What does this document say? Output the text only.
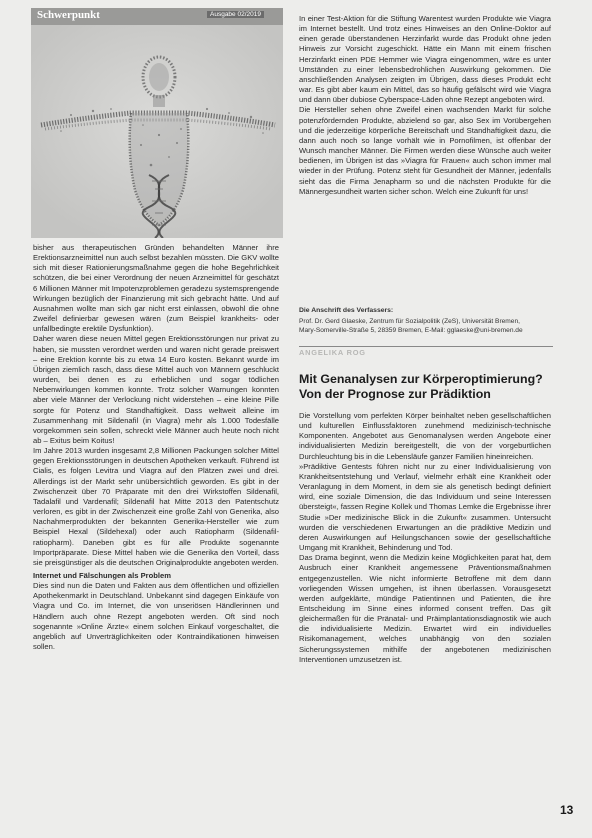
Schwerpunkt	Ausgabe 02/2019

bisher aus therapeutischen Gründen behandelten Männer ihre Erektionsarzneimittel nun auch selbst bezahlen müssten. Die GKV wollte sich mit dieser Rationierungsmaßnahme gegen die hohe Begehrlichkeit schützen, die bei einer Verordnung der neuen Arzneimittel für geschätzt 6 Millionen Männer mit Impotenzproblemen geradezu systemsprengende Wirkungen bezüglich der Finanzierung mit sich gebracht hätte. Und auf Ausnahmen wollte man sich gar nicht erst einlassen, obwohl die ohne Zweifel definierbar gewesen wären (zum Beispiel krankheits- oder unfallbedingte erektile Dysfunktion).

Daher waren diese neuen Mittel gegen Erektionsstörungen nur privat zu haben, sie mussten verordnet werden und waren nicht gerade preiswert – eine Erektion konnte bis zu etwa 14 Euro kosten. Bekannt wurde im Übrigen ziemlich rasch, dass diese Mittel auch von Männern geschluckt wurden, bei denen es zu erheblichen und sogar tödlichen Nebenwirkungen kommen konnte. Trotz solcher Warnungen konnten aber viele Männer der Verlockung nicht widerstehen – eine kleine Pille sorgte für Potenz und Standhaftigkeit. Dass weltweit alleine im Zusammenhang mit Sildenafil (in Viagra) mehr als 1.000 Todesfälle vorgekommen sein sollen, schreckt viele Männer auch heute noch nicht ab – Exitus beim Koitus!

Im Jahre 2013 wurden insgesamt 2,8 Millionen Packungen solcher Mittel gegen Erektionsstörungen in deutschen Apotheken verkauft. Führend ist Cialis, es folgen Levitra und Viagra auf den Plätzen zwei und drei. Allerdings ist der Markt sehr unübersichtlich geworden. Es gibt in der Zwischenzeit über 70 Präparate mit den drei Wirkstoffen Sildenafil, Tadalafil und Vardenafil; Sildenafil hat Mitte 2013 den Patentschutz verloren, es gibt in der Zwischenzeit eine große Zahl von Generika, also Nachahmerprodukten der bekannten Generika-Hersteller wie zum Beispiel Hexal (Sildehexal) oder auch Ratiopharm (Sildenafil-ratiopharm). Daneben gibt es für alle Produkte sogenannte Importpräparate. Diese Mittel haben wie die Generika den Vorteil, dass sie preisgünstiger als die deutschen Originalprodukte angeboten werden.

Internet und Fälschungen als Problem

Dies sind nun die Daten und Fakten aus dem öffentlichen und offiziellen Apothekenmarkt in Deutschland. Unbekannt sind dagegen Einkäufe von Viagra und Co. im Internet, die von unseriösen Händlerinnen und Händlern auch ohne Rezept angeboten werden. Oft sind noch sogenannte »Online Ärzte« einem solchen Einkauf vorgeschaltet, die angeblich auf Unverträglichkeiten oder Kontraindikationen hinweisen sollen.

In einer Test-Aktion für die Stiftung Warentest wurden Produkte wie Viagra im Internet bestellt. Und trotz eines Hinweises an den Online-Doktor auf einen gerade überstandenen Herzinfarkt wurde das Produkt ohne jeden Hinweis zur Vorsicht zugeschickt. Hätte ein Mann mit einem frischen Herzinfarkt einen PDE Hemmer wie Viagra eingenommen, wäre es unter Umständen zu einer lebensbedrohlichen Auswirkung gekommen. Die anschließenden Analysen zeigten im Übrigen, dass dieses Produkt echt war. Es gibt aber kaum ein Mittel, das so häufig gefälscht wird wie Viagra und dann über dubiose Cyberspace-Läden ohne Rezept angeboten wird.

Die Hersteller sehen ohne Zweifel einen wachsenden Markt für solche potenzfördernden Produkte, abzielend so gar, also Sex im Vorübergehen und die jederzeitige körperliche Bereitschaft und Standhaftigkeit dazu, die dann auch noch so lange vorhält wie in Pornofilmen, ist offenbar der Wunsch mancher Männer. Die Firmen werden diese Wünsche auch weiter bedienen, im Übrigen ist das »Viagra für Frauen« auch schon immer mal wieder in der Prüfung. Potenz steht für Gesundheit der Männer, jedenfalls sieht das die Firma Jenapharm so und die nächsten Produkte für die Männergesundheit warten sicher schon. Welch eine Zukunft für uns!

Die Anschrift des Verfassers:
Prof. Dr. Gerd Glaeske, Zentrum für Sozialpolitik (ZeS), Universität Bremen,
Mary-Somerville-Straße 5, 28359 Bremen, E-Mail: gglaeske@uni-bremen.de
ANGELIKA ROG
Mit Genanalysen zur Körperoptimierung? Von der Prognose zur Prädiktion

Die Vorstellung vom perfekten Körper beinhaltet neben gesellschaftlichen und kulturellen Einflussfaktoren zunehmend medizinisch-technische Komponenten. Angebotet aus Genomanalysen werden Angebote einer individualisierten Medizin bereitgestellt, die von der vorgeburtlichen Durchleuchtung bis in die Lebensläufe ganzer Familien hineinreichen.

»Prädiktive Gentests führen nicht nur zu einer Individualisierung von Krankheitsentstehung und Verlauf, vielmehr erhält eine Krankheit oder Veranlagung in dem Moment, in dem sie als genetisch bedingt definiert wird, eine soziale Dimension, die das Individuum und seine Interessen übersteigt«, fassen Regine Kollek und Thomas Lemke die Ergebnisse ihrer Studie »Der medizinische Blick in die Zukunft« zusammen. Untersucht wurden die verschiedenen Erwartungen an die prädiktive Medizin und deren Auswirkungen auf Heilungschancen sowie der gesellschaftliche Umgang mit Krankheit, Behinderung und Tod.

Das Drama beginnt, wenn die Medizin keine Möglichkeiten parat hat, dem Ausbruch einer Krankheit angemessene Präventionsmaßnahmen entgegenzustellen. Wie nicht informierte Betroffene mit dem dann vorliegenden Wissen umgehen, ist ihnen überlassen. Vorausgesetzt werden aufgeklärte, mündige Patientinnen und Patienten, die ihre Entscheidung im Sinne eines informed consent treffen. Das gilt gleichermaßen für die Pränatal- und Präimplantationsdiagnostik wie auch die individualisierte Medizin. Erwartet wird ein individuelles Risikomanagement, welches unabhängig von den sozialen Sicherungssystemen mithilfe der angebotenen medizinischen Interventionen umzusetzen ist.

13
